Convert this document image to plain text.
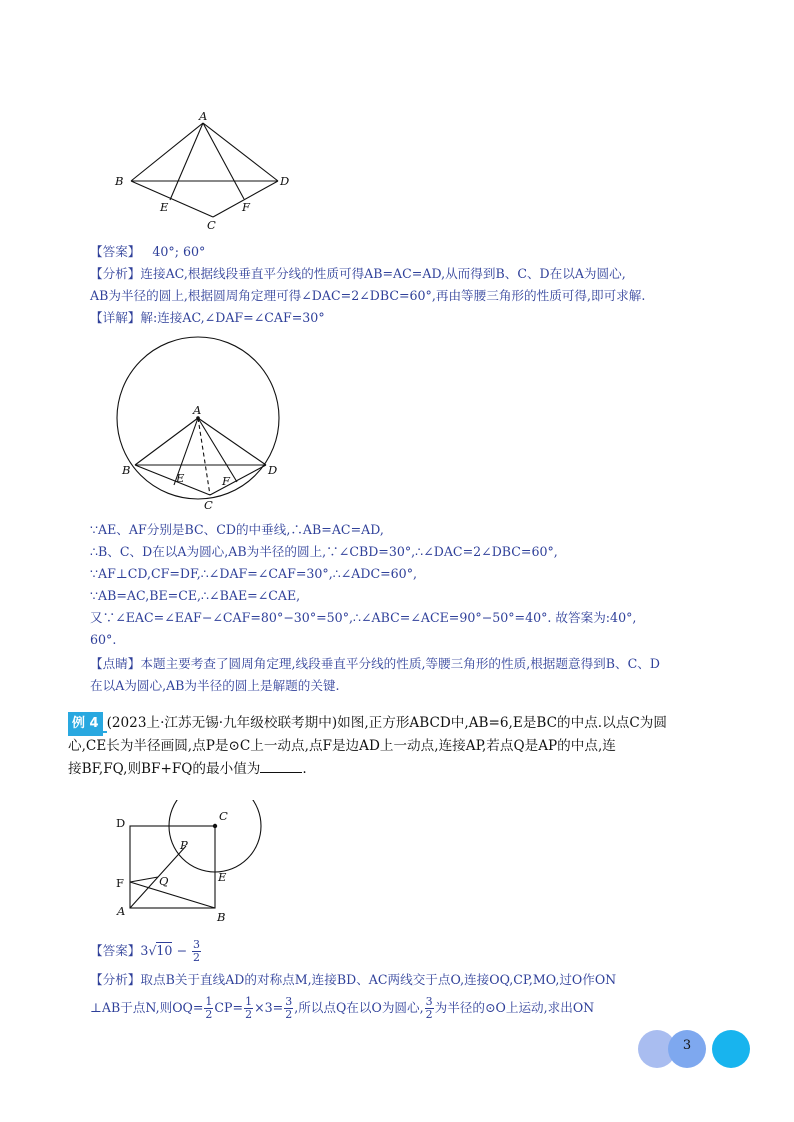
A
B	D
E	F
C
【答案】 40°; 60°
【分析】连接AC,根据线段垂直平分线的性质可得AB=AC=AD,从而得到B、C、D在以A为圆心,
AB为半径的圆上,根据圆周角定理可得∠DAC=2∠DBC=60°,再由等腰三角形的性质可得,即可求解.
【详解】解:连接AC,∠DAF=∠CAF=30°
A
B	D
E	F
C
∵AE、AF分别是BC、CD的中垂线,∴AB=AC=AD,
∴B、C、D在以A为圆心,AB为半径的圆上,∵∠CBD=30°,∴∠DAC=2∠DBC=60°,
∵AF⊥CD,CF=DF,∴∠DAF=∠CAF=30°,∴∠ADC=60°,
∵AB=AC,BE=CE,∴∠BAE=∠CAE,
又∵∠EAC=∠EAF−∠CAF=80°−30°=50°,∴∠ABC=∠ACE=90°−50°=40°. 故答案为:40°,
60°.
【点睛】本题主要考查了圆周角定理,线段垂直平分线的性质,等腰三角形的性质,根据题意得到B、C、D
在以A为圆心,AB为半径的圆上是解题的关键.
例 4 (2023上·江苏无锡·九年级校联考期中)如图,正方形ABCD中,AB=6,E是BC的中点.以点C为圆
心,CE长为半径画圆,点P是⊙C上一动点,点F是边AD上一动点,连接AP,若点Q是AP的中点,连
接BF,FQ,则BF+FQ的最小值为	.
D	C
P
F	Q	E
A	B
【答案】$3√10 - \frac{3}{2}$
【分析】取点B关于直线AD的对称点M,连接BD、AC两线交于点O,连接OQ,CP,MO,过O作ON
⊥AB于点N,则$OQ= \frac{1}{2} CP= \frac{1}{2} \times 3= \frac{3}{2}$ ,所以点Q在以O为圆心, $\frac{3}{2}$ 为半径的⊙O上运动,求出ON
3
